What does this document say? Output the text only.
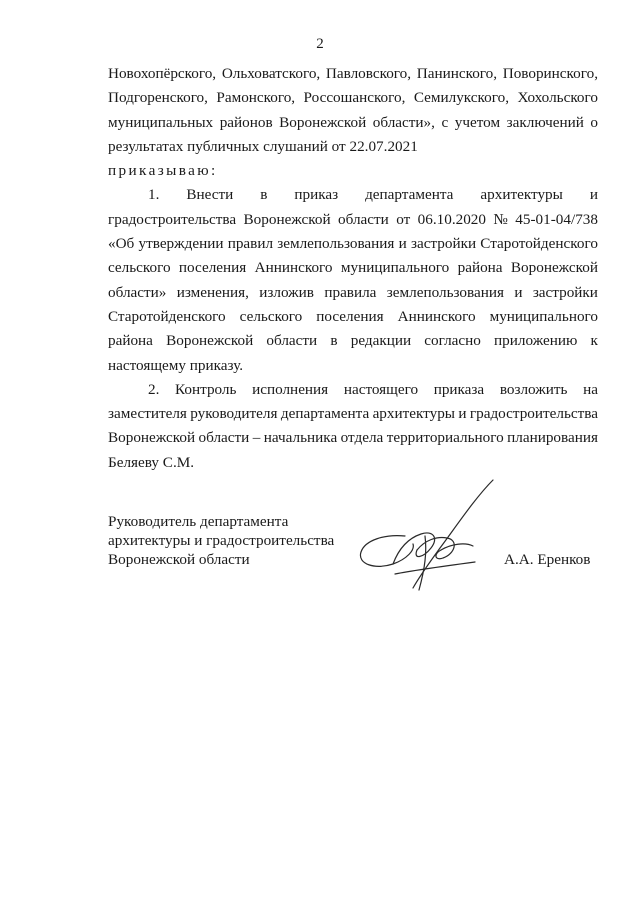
2
Новохопёрского, Ольховатского, Павловского, Панинского, Поворинского,
Подгоренского, Рамонского, Россошанского, Семилукского, Хохольского
муниципальных районов Воронежской области», с учетом заключений о
результатах публичных слушаний от 22.07.2021
приказываю:
1. Внести в приказ департамента архитектуры и
градостроительства Воронежской области от 06.10.2020 № 45-01-04/738
«Об утверждении правил землепользования и застройки Старотойденского
сельского поселения Аннинского муниципального района Воронежской
области» изменения, изложив правила землепользования и застройки
Старотойденского сельского поселения Аннинского муниципального
района Воронежской области в редакции согласно приложению к
настоящему приказу.
2. Контроль исполнения настоящего приказа возложить на
заместителя руководителя департамента архитектуры и градостроительства
Воронежской области – начальника отдела территориального планирования
Беляеву С.М.
Руководитель департамента
архитектуры и градостроительства
Воронежской области	А.А. Еренков
